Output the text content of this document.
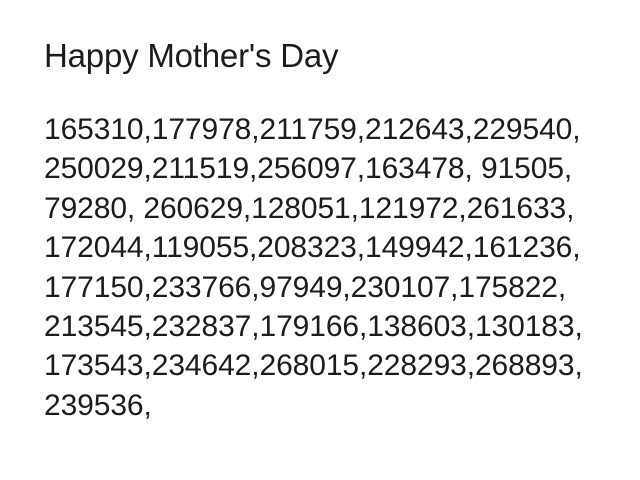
Happy Mother's Day
165310,177978,211759,212643,229540,
250029,211519,256097,163478, 91505,
79280, 260629,128051,121972,261633,
172044,119055,208323,149942,161236,
177150,233766,97949,230107,175822,
213545,232837,179166,138603,130183,
173543,234642,268015,228293,268893,
239536,
